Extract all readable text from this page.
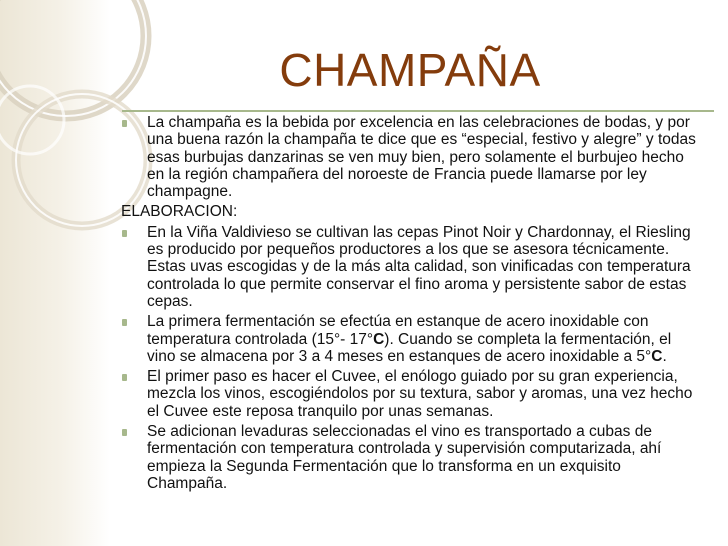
CHAMPAÑA
La champaña es la bebida por excelencia en las celebraciones de bodas, y por una buena razón la champaña te dice que es “especial, festivo y alegre” y todas esas burbujas danzarinas se ven muy bien, pero solamente el burbujeo hecho en la región champañera del noroeste de Francia puede llamarse por ley champagne.
ELABORACION:
En la Viña Valdivieso se cultivan las cepas Pinot Noir y Chardonnay, el Riesling es producido por pequeños productores a los que se asesora técnicamente. Estas uvas escogidas y de la más alta calidad, son vinificadas con temperatura controlada lo que permite conservar el fino aroma y persistente sabor de estas cepas.
La primera fermentación se efectúa en estanque de acero inoxidable con temperatura controlada (15°- 17°C). Cuando se completa la fermentación, el vino se almacena por 3 a 4 meses en estanques de acero inoxidable a 5°C.
El primer paso es hacer el Cuvee, el enólogo guiado por su gran experiencia, mezcla los vinos, escogiéndolos por su textura, sabor y aromas, una vez hecho el Cuvee este reposa tranquilo por unas semanas.
Se adicionan levaduras seleccionadas el vino es transportado a cubas de fermentación con temperatura controlada y supervisión computarizada, ahí empieza la Segunda Fermentación que lo transforma en un exquisito Champaña.
